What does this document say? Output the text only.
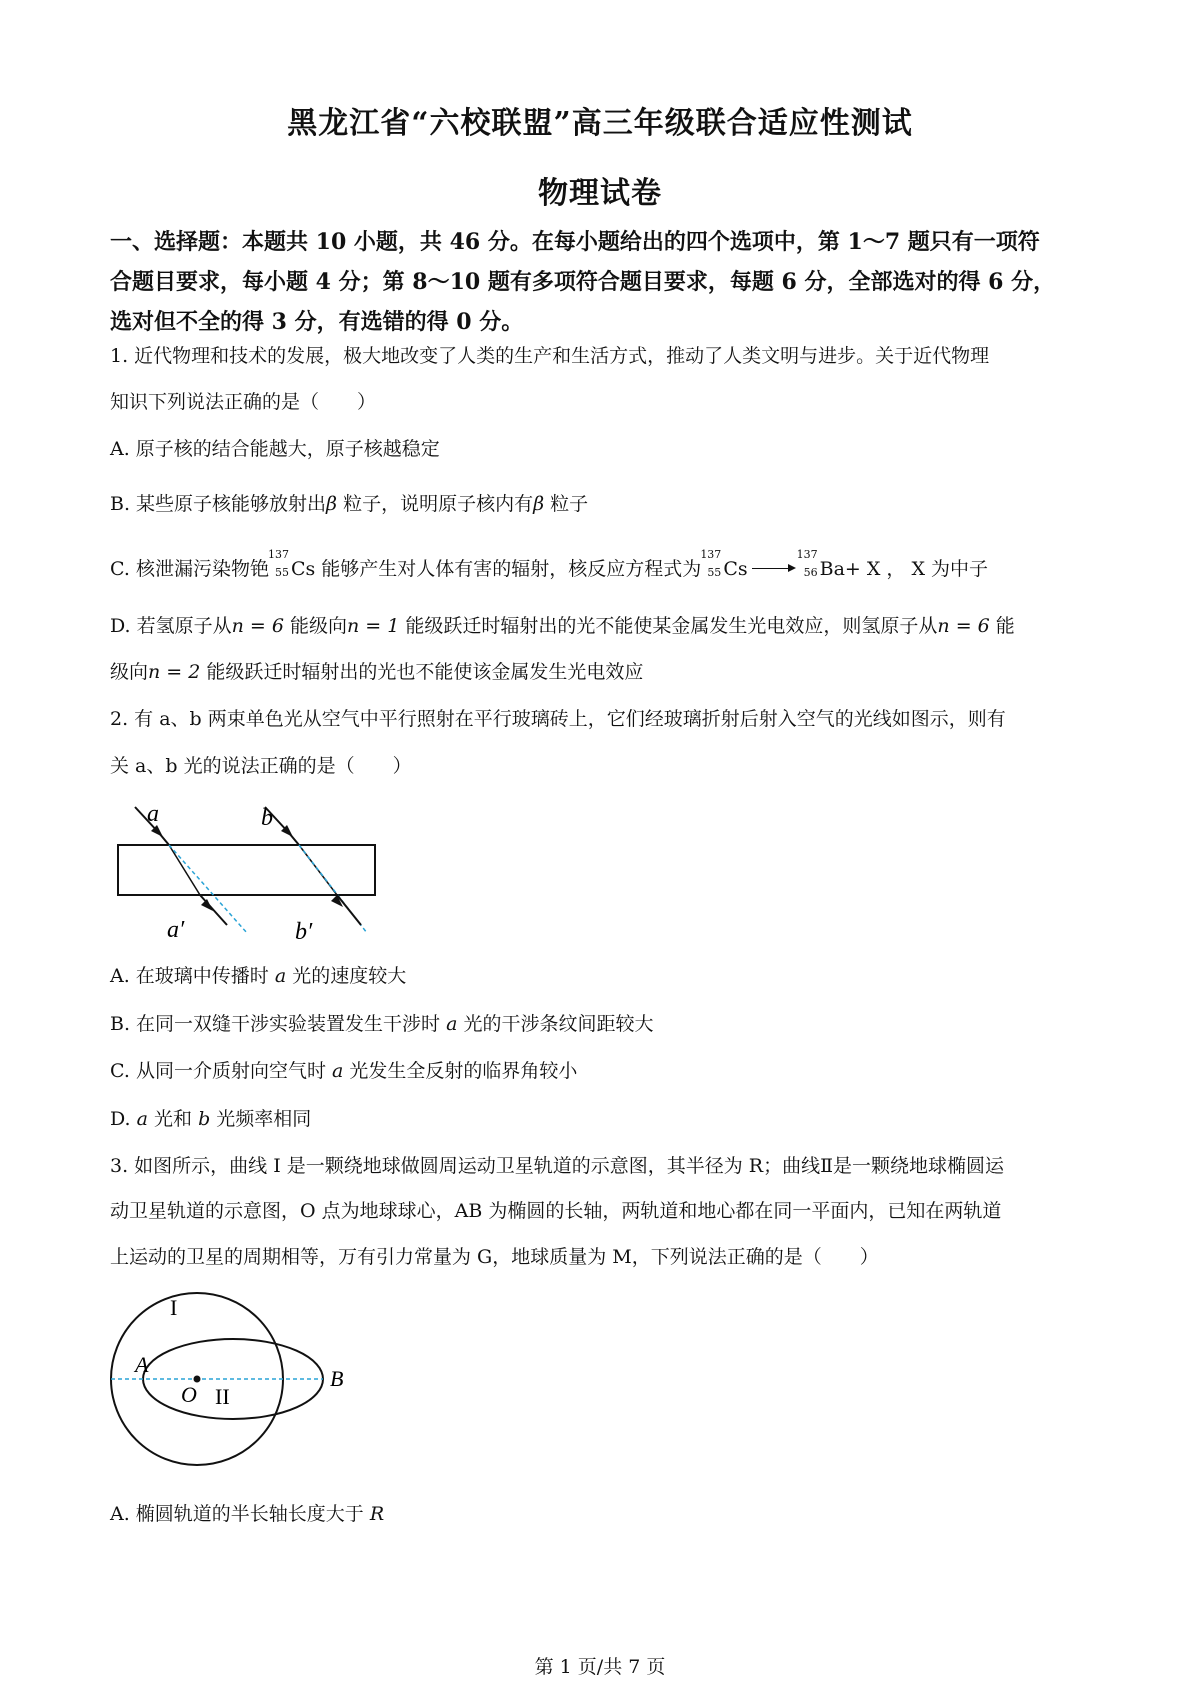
黑龙江省“六校联盟”高三年级联合适应性测试
物理试卷
一、选择题：本题共 10 小题，共 46 分。在每小题给出的四个选项中，第 1～7 题只有一项符
合题目要求，每小题 4 分；第 8～10 题有多项符合题目要求，每题 6 分，全部选对的得 6 分，
选对但不全的得 3 分，有选错的得 0 分。
1. 近代物理和技术的发展，极大地改变了人类的生产和生活方式，推动了人类文明与进步。关于近代物理
知识下列说法正确的是（　　）
A. 原子核的结合能越大，原子核越稳定
B. 某些原子核能够放射出β 粒子，说明原子核内有β 粒子
C. 核泄漏污染物铯
137
55 Cs 能够产生对人体有害的辐射，核反应方程式为
137
55 Cs →
137
56 Ba+ X ， X 为中子
D. 若氢原子从n = 6 能级向n = 1 能级跃迁时辐射出的光不能使某金属发生光电效应，则氢原子从n = 6 能
级向n = 2 能级跃迁时辐射出的光也不能使该金属发生光电效应
2. 有 a、b 两束单色光从空气中平行照射在平行玻璃砖上，它们经玻璃折射后射入空气的光线如图示，则有
关 a、b 光的说法正确的是（　　）
a	b
a′	b′
A. 在玻璃中传播时 a 光的速度较大
B. 在同一双缝干涉实验装置发生干涉时 a 光的干涉条纹间距较大
C. 从同一介质射向空气时 a 光发生全反射的临界角较小
D. a 光和 b 光频率相同
3. 如图所示，曲线 I 是一颗绕地球做圆周运动卫星轨道的示意图，其半径为 R；曲线Ⅱ是一颗绕地球椭圆运
动卫星轨道的示意图，O 点为地球球心，AB 为椭圆的长轴，两轨道和地心都在同一平面内，已知在两轨道
上运动的卫星的周期相等，万有引力常量为 G，地球质量为 M，下列说法正确的是（　　）
I
A
B
O II
A. 椭圆轨道的半长轴长度大于 R
第 1 页/共 7 页
